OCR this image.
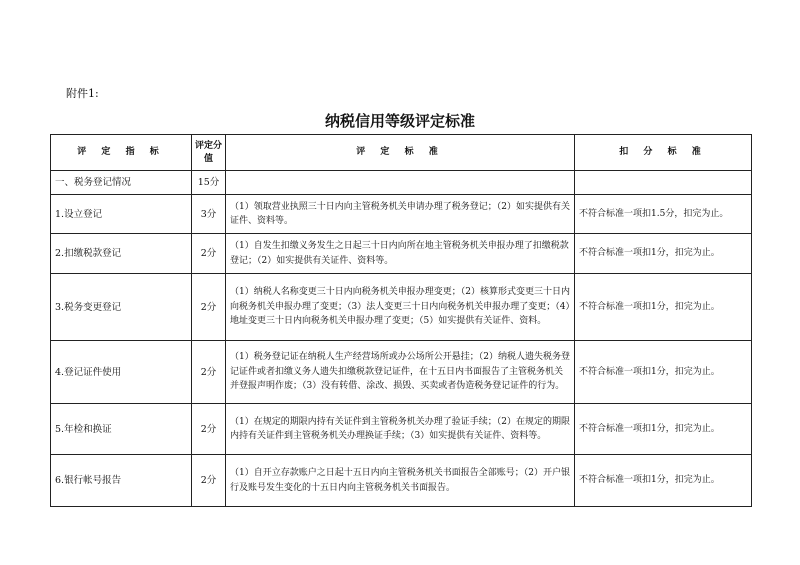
附件1:
纳税信用等级评定标准
评 定 指 标	评定分值	评 定 标 准	扣 分 标 准
一、税务登记情况	15分		
1.设立登记	3分	（1）领取营业执照三十日内向主管税务机关申请办理了税务登记；（2）如实提供有关证件、资料等。	不符合标准一项扣1.5分，扣完为止。
2.扣缴税款登记	2分	（1）自发生扣缴义务发生之日起三十日内向所在地主管税务机关申报办理了扣缴税款登记；（2）如实提供有关证件、资料等。	不符合标准一项扣1分，扣完为止。
3.税务变更登记	2分	（1）纳税人名称变更三十日内向税务机关申报办理变更；（2）核算形式变更三十日内向税务机关申报办理了变更；（3）法人变更三十日内向税务机关申报办理了变更；（4）地址变更三十日内向税务机关申报办理了变更；（5）如实提供有关证件、资料。	不符合标准一项扣1分，扣完为止。
4.登记证件使用	2分	（1）税务登记证在纳税人生产经营场所或办公场所公开悬挂；（2）纳税人遗失税务登记证件或者扣缴义务人遗失扣缴税款登记证件，在十五日内书面报告了主管税务机关并登报声明作废；（3）没有转借、涂改、损毁、买卖或者伪造税务登记证件的行为。	不符合标准一项扣1分，扣完为止。
5.年检和换证	2分	（1）在规定的期限内持有关证件到主管税务机关办理了验证手续；（2）在规定的期限内持有关证件到主管税务机关办理换证手续；（3）如实提供有关证件、资料等。	不符合标准一项扣1分，扣完为止。
6.银行帐号报告	2分	（1）自开立存款账户之日起十五日内向主管税务机关书面报告全部账号；（2）开户银行及账号发生变化的十五日内向主管税务机关书面报告。	不符合标准一项扣1分，扣完为止。
